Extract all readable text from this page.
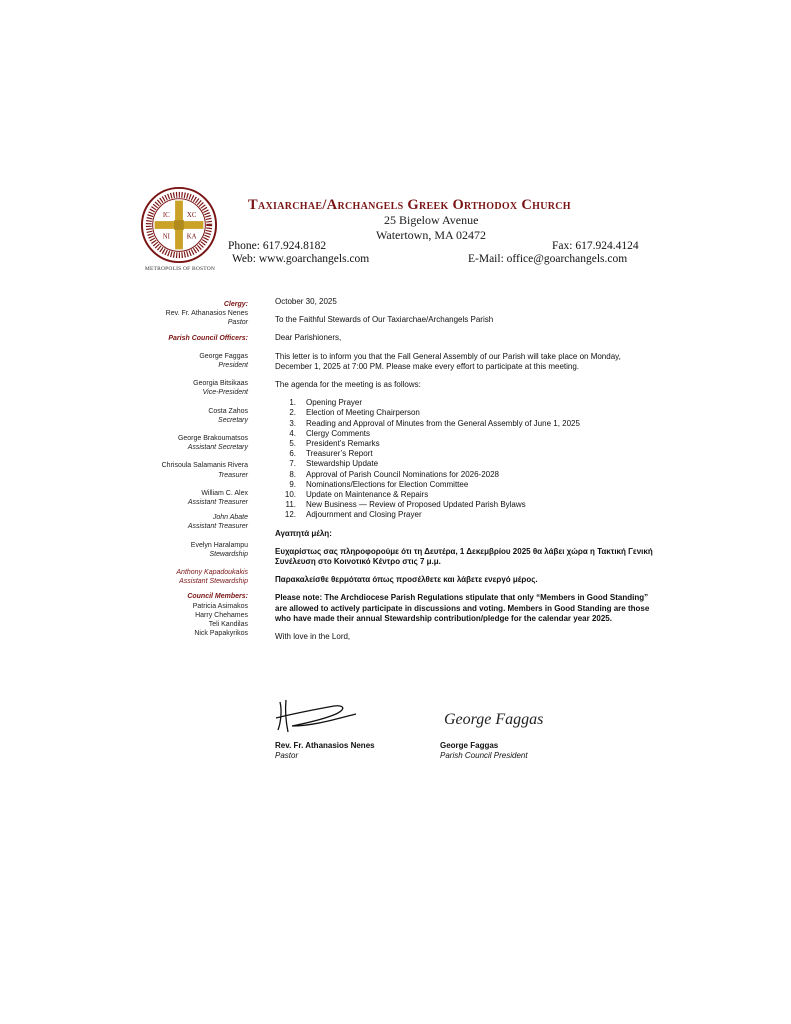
IC XC
NI KA
METROPOLIS OF BOSTON
Taxiarchae/Archangels Greek Orthodox Church
25 Bigelow Avenue
Watertown, MA 02472
Phone: 617.924.8182	Fax: 617.924.4124
Web: www.goarchangels.com	E-Mail: office@goarchangels.com
Clergy:
Rev. Fr. Athanasios Nenes
Pastor
Parish Council Officers:
George Faggas
President
Georgia Bitsikaas
Vice-President
Costa Zahos
Secretary
George Brakoumatsos
Assistant Secretary
Chrisoula Salamanis Rivera
Treasurer
William C. Alex
Assistant Treasurer
John Abate
Assistant Treasurer
Evelyn Haralampu
Stewardship
Anthony Kapadoukakis
Assistant Stewardship
Council Members:
Patricia Asimakos
Harry Chehames
Teli Kandilas
Nick Papakyrikos

October 30, 2025

To the Faithful Stewards of Our Taxiarchae/Archangels Parish

Dear Parishioners,

This letter is to inform you that the Fall General Assembly of our Parish will take place on Monday, December 1, 2025 at 7:00 PM. Please make every effort to participate at this meeting.

The agenda for the meeting is as follows:

1.	Opening Prayer
2.	Election of Meeting Chairperson
3.	Reading and Approval of Minutes from the General Assembly of June 1, 2025
4.	Clergy Comments
5.	President’s Remarks
6.	Treasurer’s Report
7.	Stewardship Update
8.	Approval of Parish Council Nominations for 2026-2028
9.	Nominations/Elections for Election Committee
10.	Update on Maintenance & Repairs
11.	New Business — Review of Proposed Updated Parish Bylaws
12.	Adjournment and Closing Prayer

Αγαπητά μέλη:

Ευχαρίστως σας πληροφορούμε ότι τη Δευτέρα, 1 Δεκεμβρίου 2025 θα λάβει χώρα η Τακτική Γενική Συνέλευση στο Κοινοτικό Κέντρο στις 7 μ.μ.

Παρακαλείσθε θερμότατα όπως προσέλθετε και λάβετε ενεργό μέρος.

Please note: The Archdiocese Parish Regulations stipulate that only “Members in Good Standing” are allowed to actively participate in discussions and voting. Members in Good Standing are those who have made their annual Stewardship contribution/pledge for the calendar year 2025.

With love in the Lord,

George Faggas
Rev. Fr. Athanasios Nenes
Pastor
George Faggas
Parish Council President
